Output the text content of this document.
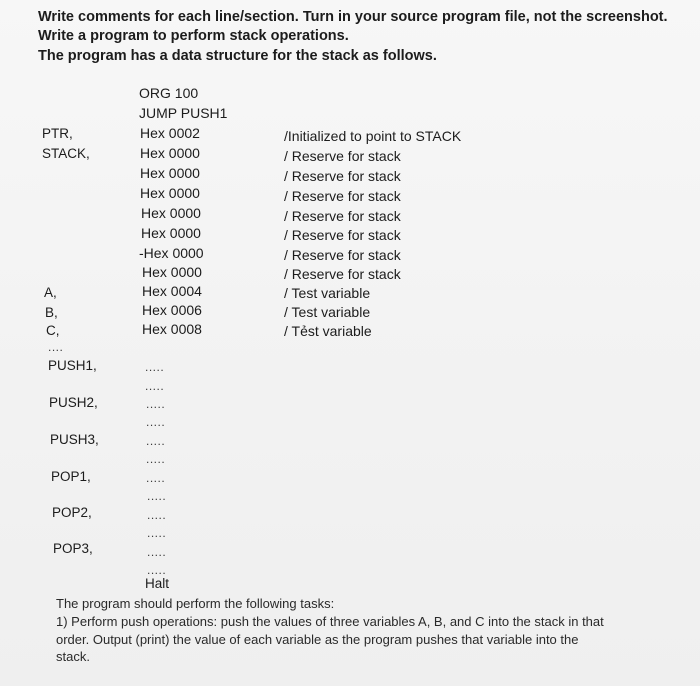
Write comments for each line/section. Turn in your source program file, not the screenshot.
Write a program to perform stack operations.
The program has a data structure for the stack as follows.
ORG 100
JUMP PUSH1
PTR,
STACK,
A,
B,
C,
....
PUSH1,
PUSH2,
PUSH3,
POP1,
POP2,
POP3,
Hex 0002
Hex 0000
Hex 0000
Hex 0000
Hex 0000
Hex 0000
-Hex 0000
Hex 0000
Hex 0004
Hex 0006
Hex 0008
/Initialized to point to STACK
/ Reserve for stack
/ Reserve for stack
/ Reserve for stack
/ Reserve for stack
/ Reserve for stack
/ Reserve for stack
/ Reserve for stack
/ Test variable
/ Test variable
/ Tẻst variable
.....
.....
.....
.....
.....
.....
.....
.....
.....
.....
.....
.....
Halt
The program should perform the following tasks:
1) Perform push operations: push the values of three variables A, B, and C into the stack in that
order. Output (print) the value of each variable as the program pushes that variable into the
stack.
